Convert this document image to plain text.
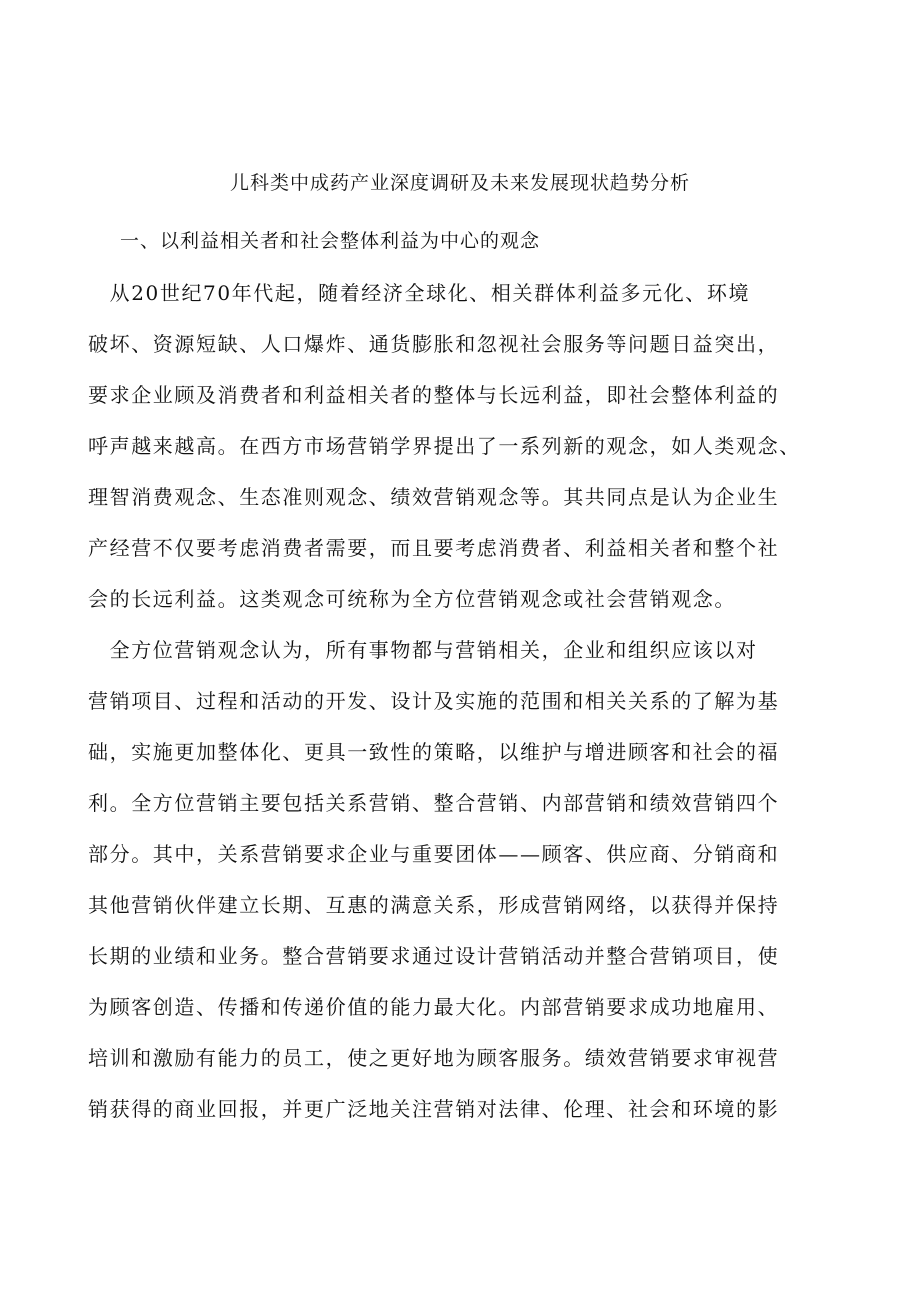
儿科类中成药产业深度调研及未来发展现状趋势分析
一、以利益相关者和社会整体利益为中心的观念
　从20世纪70年代起，随着经济全球化、相关群体利益多元化、环境
破坏、资源短缺、人口爆炸、通货膨胀和忽视社会服务等问题日益突出，
要求企业顾及消费者和利益相关者的整体与长远利益，即社会整体利益的
呼声越来越高。在西方市场营销学界提出了一系列新的观念，如人类观念、
理智消费观念、生态准则观念、绩效营销观念等。其共同点是认为企业生
产经营不仅要考虑消费者需要，而且要考虑消费者、利益相关者和整个社
会的长远利益。这类观念可统称为全方位营销观念或社会营销观念。
　全方位营销观念认为，所有事物都与营销相关，企业和组织应该以对
营销项目、过程和活动的开发、设计及实施的范围和相关关系的了解为基
础，实施更加整体化、更具一致性的策略，以维护与增进顾客和社会的福
利。全方位营销主要包括关系营销、整合营销、内部营销和绩效营销四个
部分。其中，关系营销要求企业与重要团体——顾客、供应商、分销商和
其他营销伙伴建立长期、互惠的满意关系，形成营销网络，以获得并保持
长期的业绩和业务。整合营销要求通过设计营销活动并整合营销项目，使
为顾客创造、传播和传递价值的能力最大化。内部营销要求成功地雇用、
培训和激励有能力的员工，使之更好地为顾客服务。绩效营销要求审视营
销获得的商业回报，并更广泛地关注营销对法律、伦理、社会和环境的影
